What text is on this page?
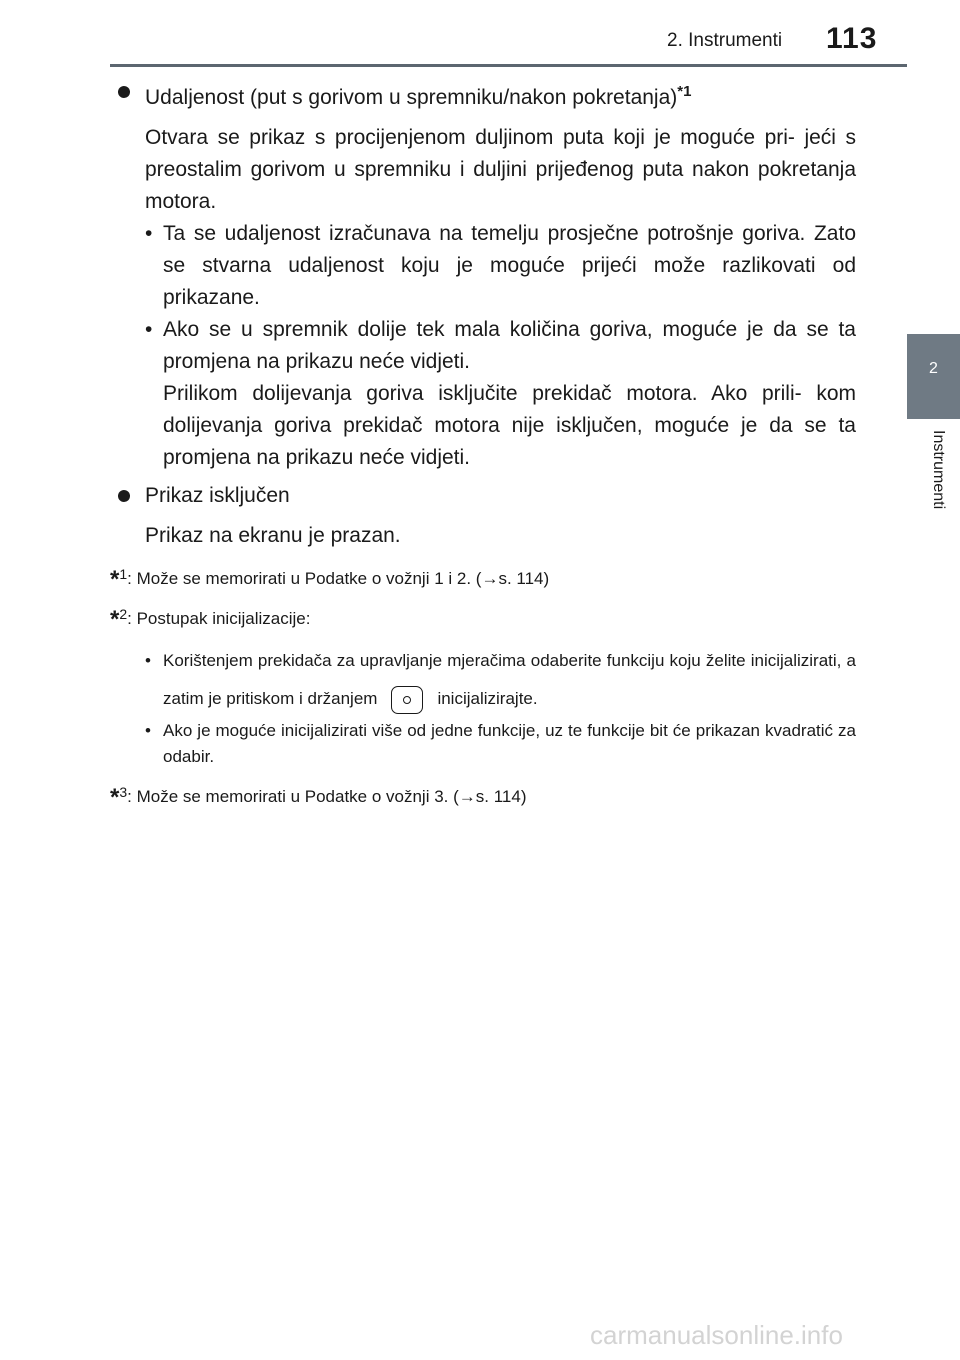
2. Instrumenti 113
2
Instrumenti
Udaljenost (put s gorivom u spremniku/nakon pokretanja)$^{*1}$
Otvara se prikaz s procijenjenom duljinom puta koji je moguće pri- jeći s preostalim gorivom u spremniku i duljini prijeđenog puta nakon pokretanja motora.
• Ta se udaljenost izračunava na temelju prosječne potrošnje goriva. Zato se stvarna udaljenost koju je moguće prijeći može razlikovati od prikazane.
• Ako se u spremnik dolije tek mala količina goriva, moguće je da se ta promjena na prikazu neće vidjeti.
Prilikom dolijevanja goriva isključite prekidač motora. Ako prili- kom dolijevanja goriva prekidač motora nije isključen, moguće je da se ta promjena na prikazu neće vidjeti.
Prikaz isključen
Prikaz na ekranu je prazan.
*$^1$: Može se memorirati u Podatke o vožnji 1 i 2. (→s. 114)
*$^2$: Postupak inicijalizacije:
• Korištenjem prekidača za upravljanje mjeračima odaberite funkciju koju želite inicijalizirati, a zatim je pritiskom i držanjem	inicijalizirajte.
• Ako je moguće inicijalizirati više od jedne funkcije, uz te funkcije bit će prikazan kvadratić za odabir.
*$^3$: Može se memorirati u Podatke o vožnji 3. (→s. 114)
carmanualsonline.info
